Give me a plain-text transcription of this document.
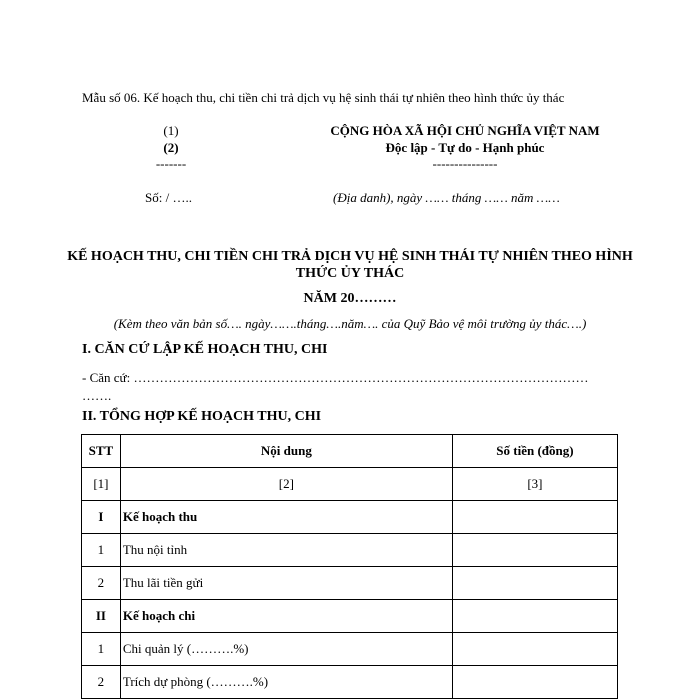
Mẫu số 06. Kế hoạch thu, chi tiền chi trả dịch vụ hệ sinh thái tự nhiên theo hình thức ủy thác
(1)
(2)
-------
CỘNG HÒA XÃ HỘI CHỦ NGHĨA VIỆT NAM
Độc lập - Tự do - Hạnh phúc
---------------
Số: / …..	(Địa danh), ngày …… tháng …… năm ……
KẾ HOẠCH THU, CHI TIỀN CHI TRẢ DỊCH VỤ HỆ SINH THÁI TỰ NHIÊN THEO HÌNH THỨC ỦY THÁC
NĂM 20………
(Kèm theo văn bản số…. ngày…….tháng….năm…. của Quỹ Bảo vệ môi trường ủy thác….)
I. CĂN CỨ LẬP KẾ HOẠCH THU, CHI
- Căn cứ: ……………………………………………………………………………………………
…….
II. TỔNG HỢP KẾ HOẠCH THU, CHI
STT	Nội dung	Số tiền (đồng)
[1]	[2]	[3]
I	Kế hoạch thu	
1	Thu nội tỉnh	
2	Thu lãi tiền gửi	
II	Kế hoạch chi	
1	Chi quản lý (……….%)	
2	Trích dự phòng (……….%)	
